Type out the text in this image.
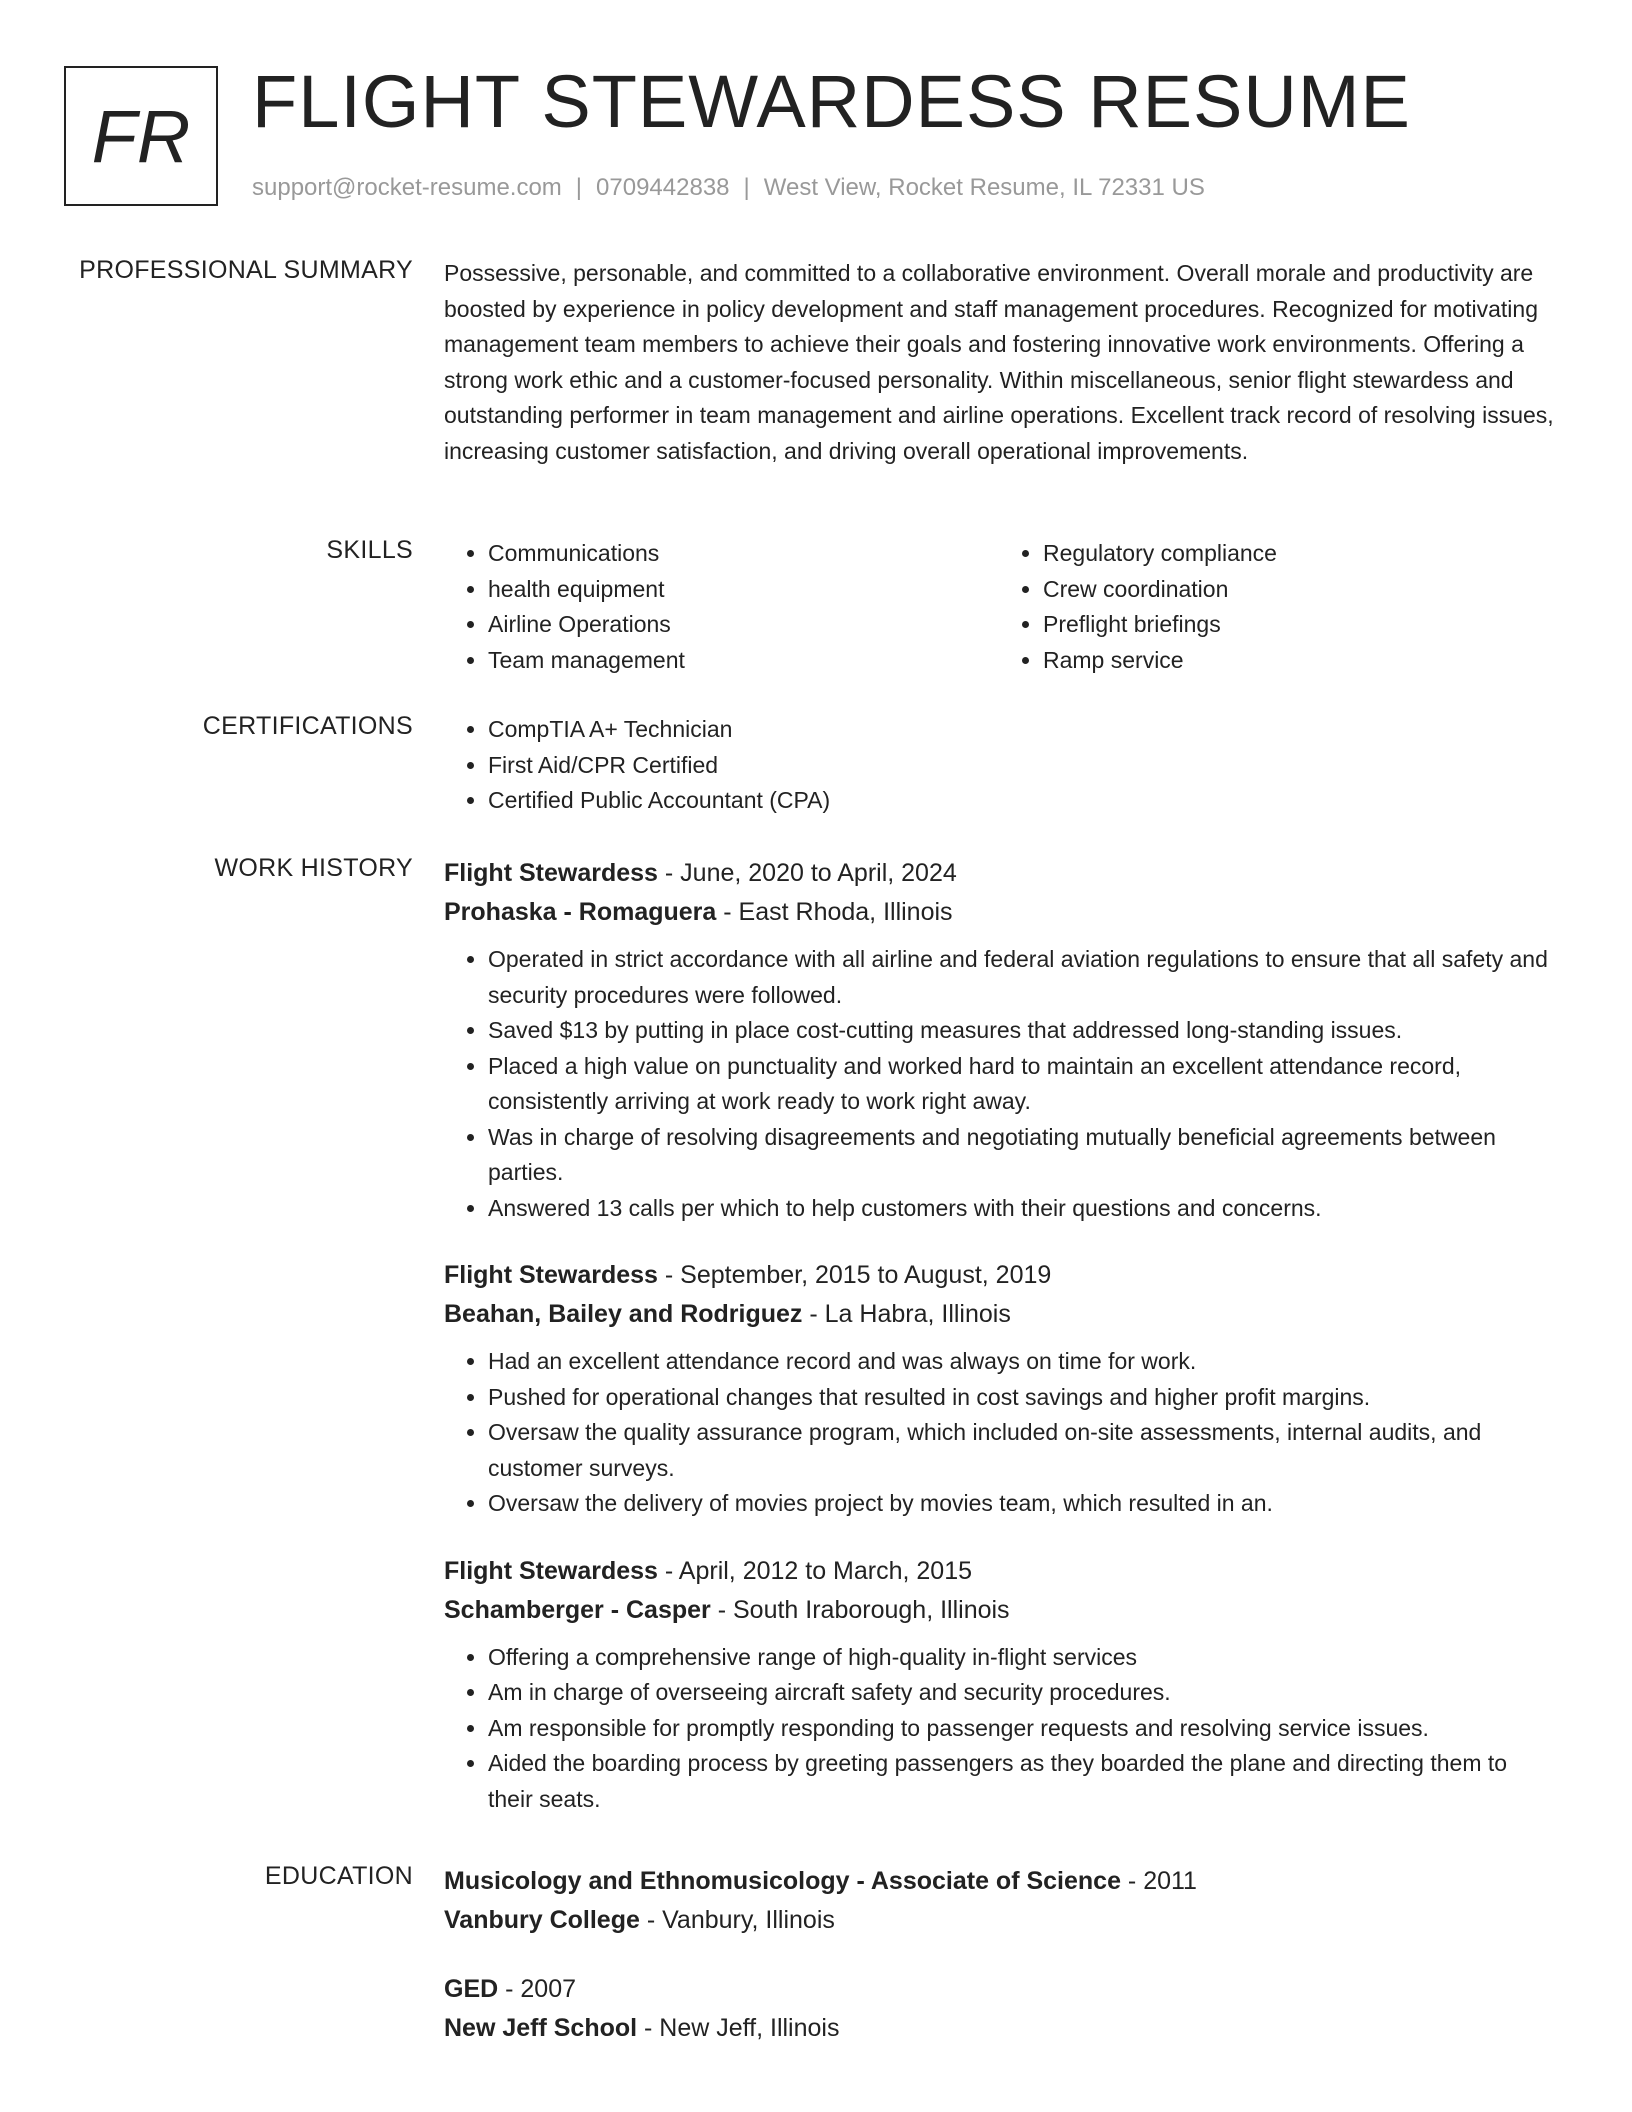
FR FLIGHT STEWARDESS RESUME
support@rocket-resume.com | 0709442838 | West View, Rocket Resume, IL 72331 US
PROFESSIONAL SUMMARY Possessive, personable, and committed to a collaborative environment. Overall morale and productivity are boosted by experience in policy development and staff management procedures. Recognized for motivating management team members to achieve their goals and fostering innovative work environments. Offering a strong work ethic and a customer-focused personality. Within miscellaneous, senior flight stewardess and outstanding performer in team management and airline operations. Excellent track record of resolving issues, increasing customer satisfaction, and driving overall operational improvements.

SKILLS	• Communications
• health equipment
• Airline Operations
• Team management
• Regulatory compliance
• Crew coordination
• Preflight briefings
• Ramp service
CERTIFICATIONS	• CompTIA A+ Technician
• First Aid/CPR Certified
• Certified Public Accountant (CPA)
WORK HISTORY Flight Stewardess - June, 2020 to April, 2024

Prohaska - Romaguera - East Rhoda, Illinois

• Operated in strict accordance with all airline and federal aviation regulations to ensure that all safety and security procedures were followed.
• Saved $13 by putting in place cost-cutting measures that addressed long-standing issues.
• Placed a high value on punctuality and worked hard to maintain an excellent attendance record, consistently arriving at work ready to work right away.
• Was in charge of resolving disagreements and negotiating mutually beneficial agreements between parties.
• Answered 13 calls per which to help customers with their questions and concerns.

Flight Stewardess - September, 2015 to August, 2019

Beahan, Bailey and Rodriguez - La Habra, Illinois

• Had an excellent attendance record and was always on time for work.
• Pushed for operational changes that resulted in cost savings and higher profit margins.
• Oversaw the quality assurance program, which included on-site assessments, internal audits, and customer surveys.
• Oversaw the delivery of movies project by movies team, which resulted in an.

Flight Stewardess - April, 2012 to March, 2015

Schamberger - Casper - South Iraborough, Illinois

• Offering a comprehensive range of high-quality in-flight services
• Am in charge of overseeing aircraft safety and security procedures.
• Am responsible for promptly responding to passenger requests and resolving service issues.
• Aided the boarding process by greeting passengers as they boarded the plane and directing them to their seats.
EDUCATION Musicology and Ethnomusicology - Associate of Science - 2011

Vanbury College - Vanbury, Illinois

GED - 2007

New Jeff School - New Jeff, Illinois
